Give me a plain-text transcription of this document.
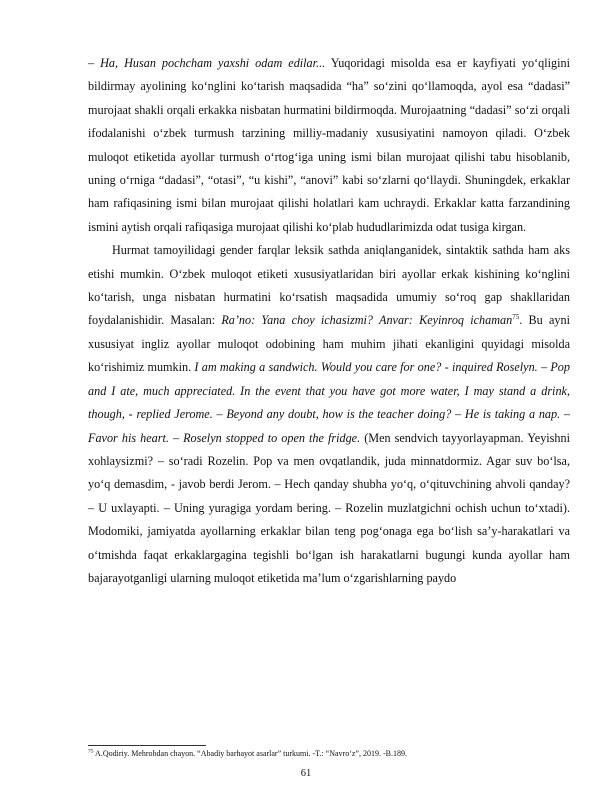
– Ha, Husan pochcham yaxshi odam edilar... Yuqoridagi misolda esa er kayfiyati yo‘qligini bildirmay ayolining ko‘nglini ko‘tarish maqsadida “ha” so‘zini qo‘llamoqda, ayol esa “dadasi” murojaat shakli orqali erkakka nisbatan hurmatini bildirmoqda. Murojaatning “dadasi” so‘zi orqali ifodalanishi o‘zbek turmush tarzining milliy-madaniy xususiyatini namoyon qiladi. O‘zbek muloqot etiketida ayollar turmush o‘rtog‘iga uning ismi bilan murojaat qilishi tabu hisoblanib, uning o‘rniga “dadasi”, “otasi”, “u kishi”, “anovi” kabi so‘zlarni qo‘llaydi. Shuningdek, erkaklar ham rafiqasining ismi bilan murojaat qilishi holatlari kam uchraydi. Erkaklar katta farzandining ismini aytish orqali rafiqasiga murojaat qilishi ko‘plab hududlarimizda odat tusiga kirgan.

Hurmat tamoyilidagi gender farqlar leksik sathda aniqlanganidek, sintaktik sathda ham aks etishi mumkin. O‘zbek muloqot etiketi xususiyatlaridan biri ayollar erkak kishining ko‘nglini ko‘tarish, unga nisbatan hurmatini ko‘rsatish maqsadida umumiy so‘roq gap shakllaridan foydalanishidir. Masalan: Ra’no: Yana choy ichasizmi? Anvar: Keyinroq ichaman$^{75}$. Bu ayni xususiyat ingliz ayollar muloqot odobining ham muhim jihati ekanligini quyidagi misolda ko‘rishimiz mumkin. I am making a sandwich. Would you care for one? - inquired Roselyn. – Pop and I ate, much appreciated. In the event that you have got more water, I may stand a drink, though, - replied Jerome. – Beyond any doubt, how is the teacher doing? – He is taking a nap. – Favor his heart. – Roselyn stopped to open the fridge. (Men sendvich tayyorlayapman. Yeyishni xohlaysizmi? – so‘radi Rozelin. Pop va men ovqatlandik, juda minnatdormiz. Agar suv bo‘lsa, yo‘q demasdim, - javob berdi Jerom. – Hech qanday shubha yo‘q, o‘qituvchining ahvoli qanday? – U uxlayapti. – Uning yuragiga yordam bering. – Rozelin muzlatgichni ochish uchun to‘xtadi). Modomiki, jamiyatda ayollarning erkaklar bilan teng pog‘onaga ega bo‘lish sa’y-harakatlari va o‘tmishda faqat erkaklargagina tegishli bo‘lgan ish harakatlarni bugungi kunda ayollar ham bajarayotganligi ularning muloqot etiketida ma’lum o‘zgarishlarning paydo

$^{75}$ A.Qodiriy. Mehrobdan chayon. “Abadiy barhayot asarlar” turkumi. -T.: “Navro‘z”, 2019. -B.189.
61
